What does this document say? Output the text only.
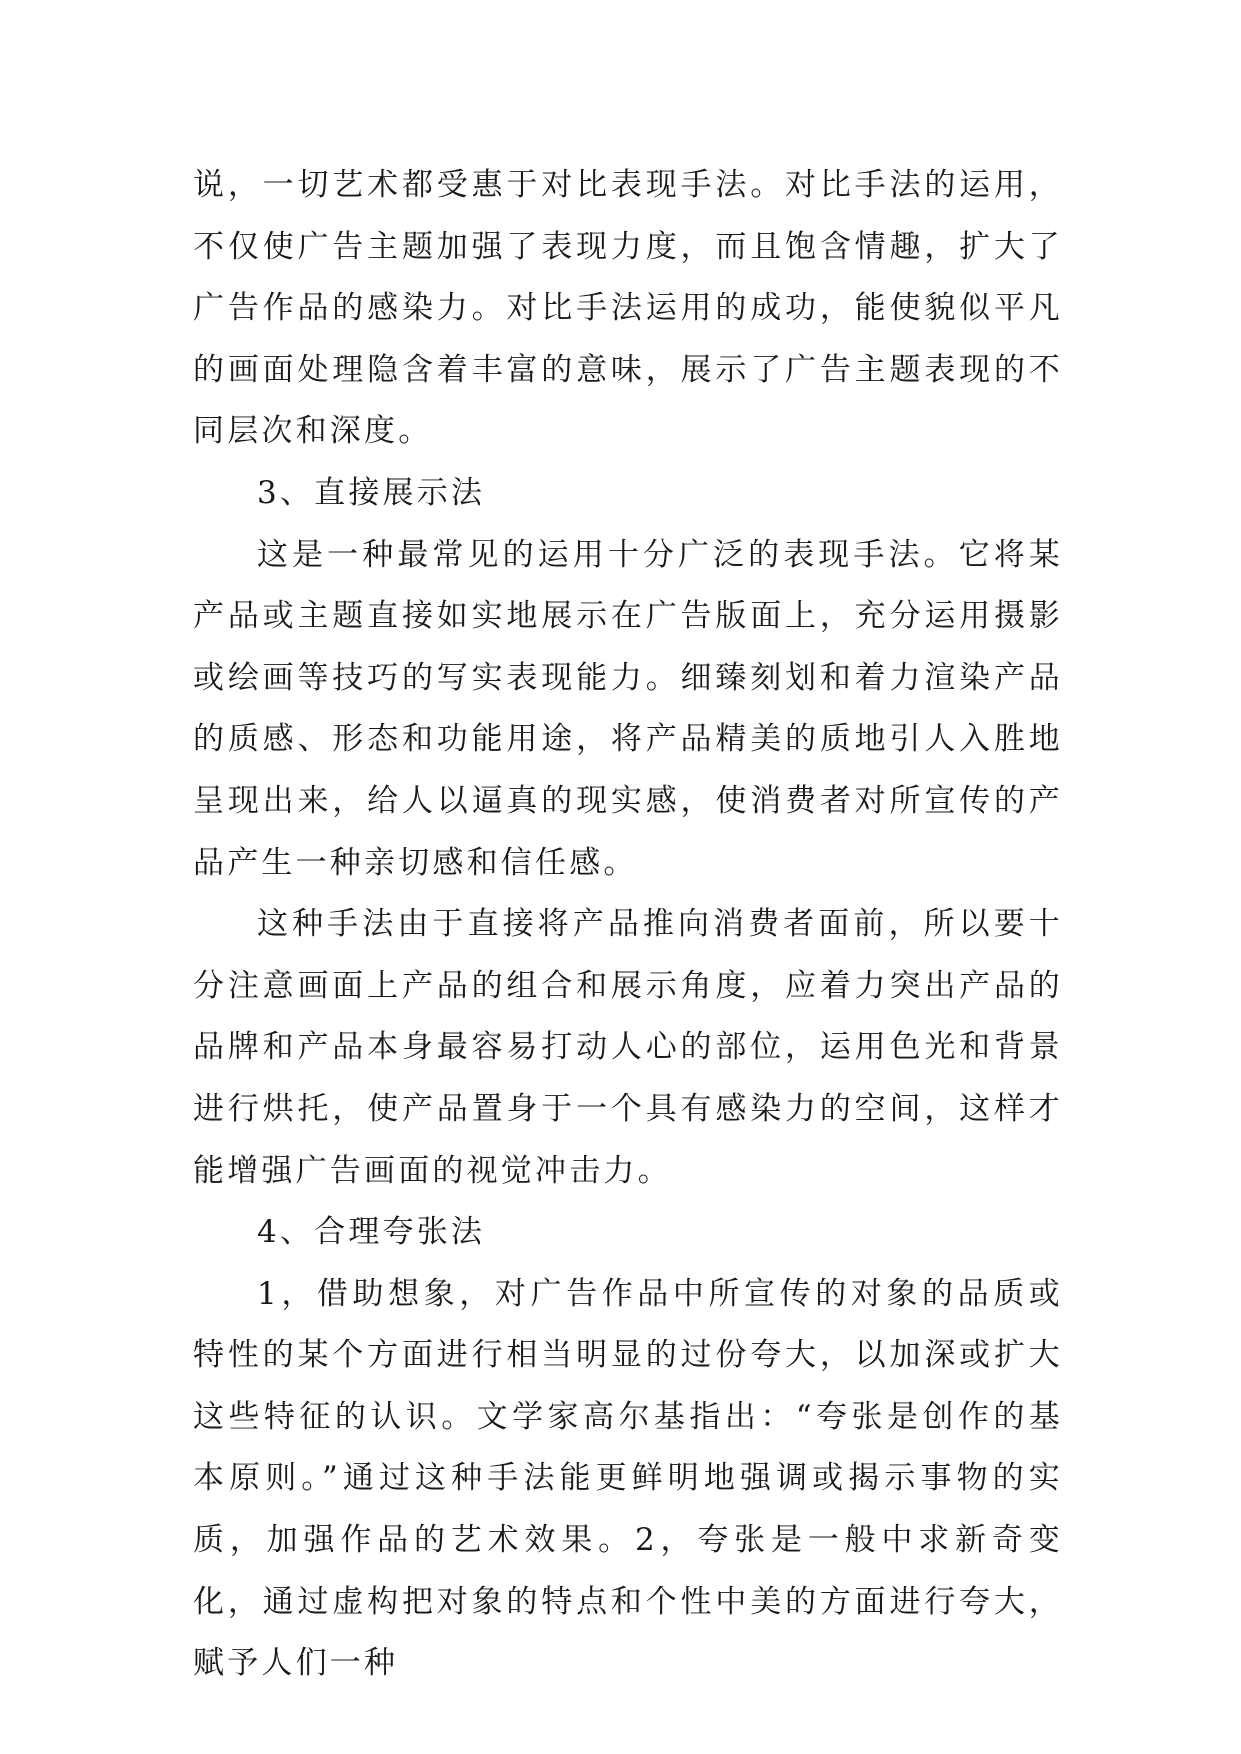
说，一切艺术都受惠于对比表现手法。对比手法的运用，不仅使广告主题加强了表现力度，而且饱含情趣，扩大了广告作品的感染力。对比手法运用的成功，能使貌似平凡的画面处理隐含着丰富的意味，展示了广告主题表现的不同层次和深度。

3、直接展示法

这是一种最常见的运用十分广泛的表现手法。它将某产品或主题直接如实地展示在广告版面上，充分运用摄影或绘画等技巧的写实表现能力。细臻刻划和着力渲染产品的质感、形态和功能用途，将产品精美的质地引人入胜地呈现出来，给人以逼真的现实感，使消费者对所宣传的产品产生一种亲切感和信任感。

这种手法由于直接将产品推向消费者面前，所以要十分注意画面上产品的组合和展示角度，应着力突出产品的品牌和产品本身最容易打动人心的部位，运用色光和背景进行烘托，使产品置身于一个具有感染力的空间，这样才能增强广告画面的视觉冲击力。

4、合理夸张法

1，借助想象，对广告作品中所宣传的对象的品质或特性的某个方面进行相当明显的过份夸大，以加深或扩大这些特征的认识。文学家高尔基指出：“夸张是创作的基本原则。”通过这种手法能更鲜明地强调或揭示事物的实质，加强作品的艺术效果。2，夸张是一般中求新奇变化，通过虚构把对象的特点和个性中美的方面进行夸大，赋予人们一种
